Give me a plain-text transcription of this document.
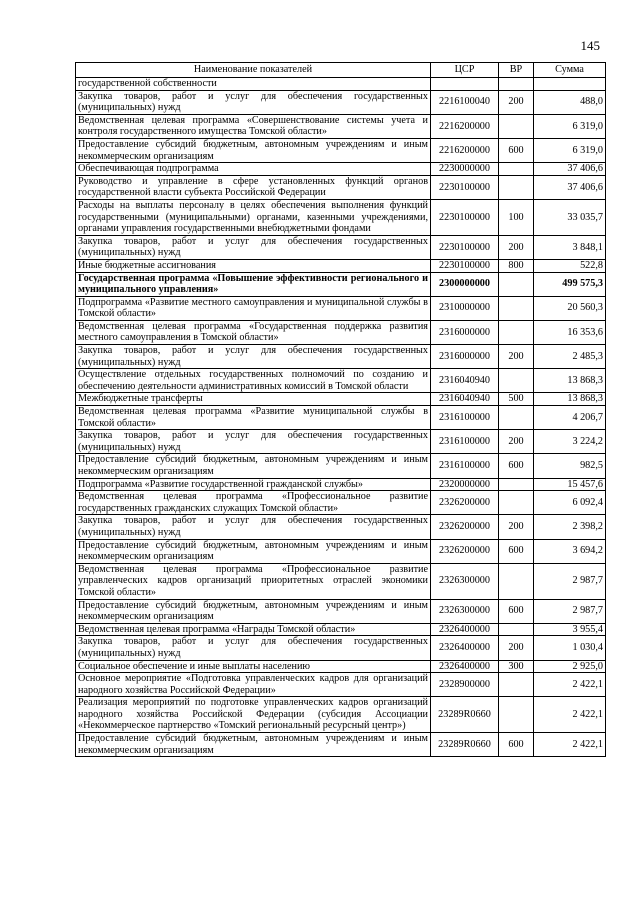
145
Наименование показателей	ЦСР	ВР	Сумма
государственной собственности			
Закупка товаров, работ и услуг для обеспечения государственных (муниципальных) нужд	2216100040	200	488,0
Ведомственная целевая программа «Совершенствование системы учета и контроля государственного имущества Томской области»	2216200000		6 319,0
Предоставление субсидий бюджетным, автономным учреждениям и иным некоммерческим организациям	2216200000	600	6 319,0
Обеспечивающая подпрограмма	2230000000		37 406,6
Руководство и управление в сфере установленных функций органов государственной власти субъекта Российской Федерации	2230100000		37 406,6
Расходы на выплаты персоналу в целях обеспечения выполнения функций государственными (муниципальными) органами, казенными учреждениями, органами управления государственными внебюджетными фондами	2230100000	100	33 035,7
Закупка товаров, работ и услуг для обеспечения государственных (муниципальных) нужд	2230100000	200	3 848,1
Иные бюджетные ассигнования	2230100000	800	522,8
Государственная программа «Повышение эффективности регионального и муниципального управления»	2300000000		499 575,3
Подпрограмма «Развитие местного самоуправления и муниципальной службы в Томской области»	2310000000		20 560,3
Ведомственная целевая программа «Государственная поддержка развития местного самоуправления в Томской области»	2316000000		16 353,6
Закупка товаров, работ и услуг для обеспечения государственных (муниципальных) нужд	2316000000	200	2 485,3
Осуществление отдельных государственных полномочий по созданию и обеспечению деятельности административных комиссий в Томской области	2316040940		13 868,3
Межбюджетные трансферты	2316040940	500	13 868,3
Ведомственная целевая программа «Развитие муниципальной службы в Томской области»	2316100000		4 206,7
Закупка товаров, работ и услуг для обеспечения государственных (муниципальных) нужд	2316100000	200	3 224,2
Предоставление субсидий бюджетным, автономным учреждениям и иным некоммерческим организациям	2316100000	600	982,5
Подпрограмма «Развитие государственной гражданской службы»	2320000000		15 457,6
Ведомственная целевая программа «Профессиональное развитие государственных гражданских служащих Томской области»	2326200000		6 092,4
Закупка товаров, работ и услуг для обеспечения государственных (муниципальных) нужд	2326200000	200	2 398,2
Предоставление субсидий бюджетным, автономным учреждениям и иным некоммерческим организациям	2326200000	600	3 694,2
Ведомственная целевая программа «Профессиональное развитие управленческих кадров организаций приоритетных отраслей экономики Томской области»	2326300000		2 987,7
Предоставление субсидий бюджетным, автономным учреждениям и иным некоммерческим организациям	2326300000	600	2 987,7
Ведомственная целевая программа «Награды Томской области»	2326400000		3 955,4
Закупка товаров, работ и услуг для обеспечения государственных (муниципальных) нужд	2326400000	200	1 030,4
Социальное обеспечение и иные выплаты населению	2326400000	300	2 925,0
Основное мероприятие «Подготовка управленческих кадров для организаций народного хозяйства Российской Федерации»	2328900000		2 422,1
Реализация мероприятий по подготовке управленческих кадров организаций народного хозяйства Российской Федерации (субсидия Ассоциации «Некоммерческое партнерство «Томский региональный ресурсный центр»)	23289R0660		2 422,1
Предоставление субсидий бюджетным, автономным учреждениям и иным некоммерческим организациям	23289R0660	600	2 422,1
